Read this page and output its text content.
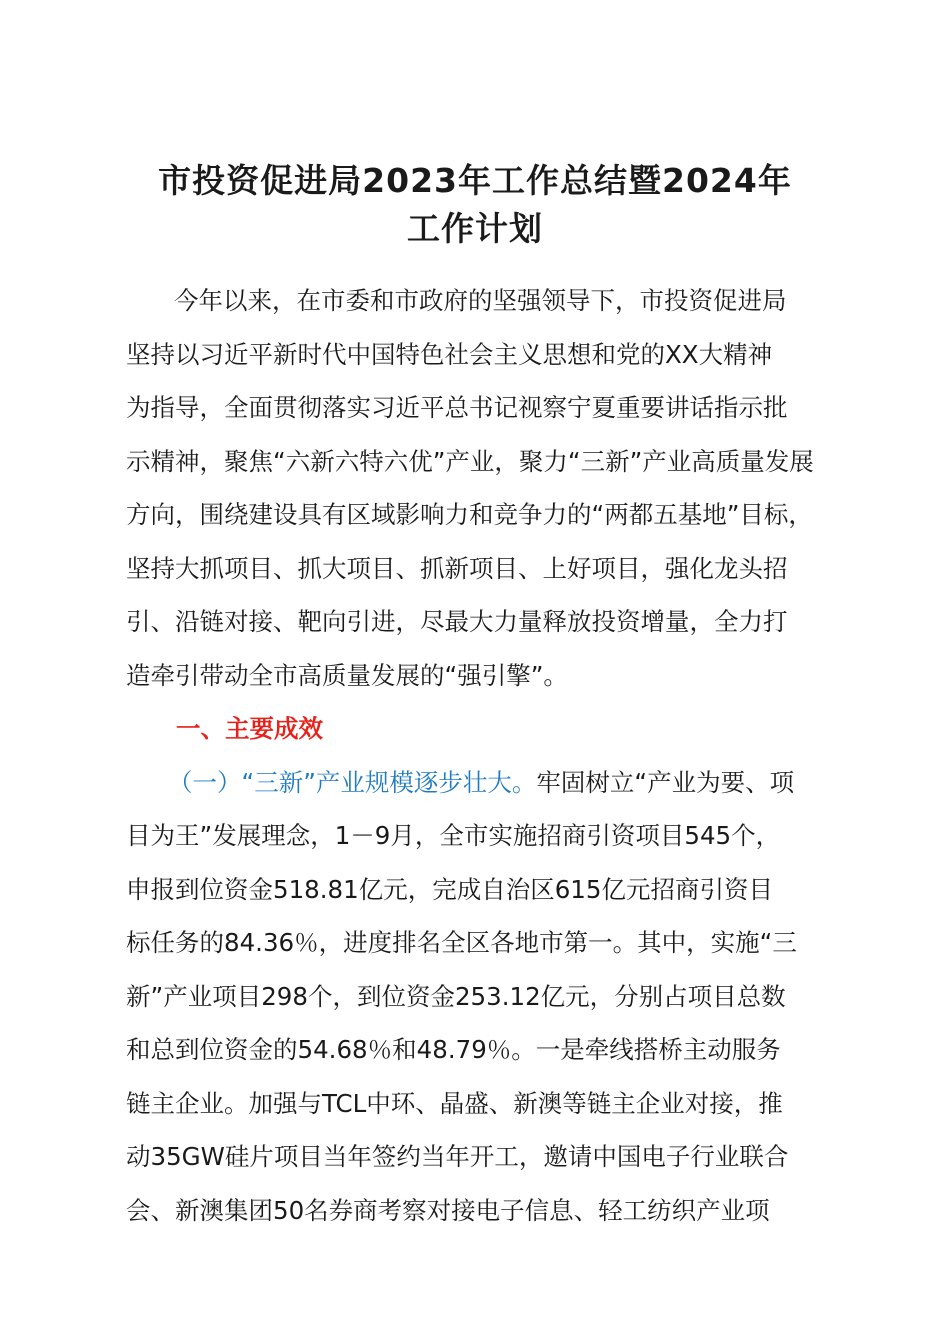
市投资促进局2023年工作总结暨2024年
工作计划

今年以来，在市委和市政府的坚强领导下，市投资促进局

坚持以习近平新时代中国特色社会主义思想和党的XX大精神

为指导，全面贯彻落实习近平总书记视察宁夏重要讲话指示批

示精神，聚焦“六新六特六优”产业，聚力“三新”产业高质量发展

方向，围绕建设具有区域影响力和竞争力的“两都五基地”目标，

坚持大抓项目、抓大项目、抓新项目、上好项目，强化龙头招

引、沿链对接、靶向引进，尽最大力量释放投资增量，全力打

造牵引带动全市高质量发展的“强引擎”。

一、主要成效

（一）“三新”产业规模逐步壮大。牢固树立“产业为要、项

目为王”发展理念，1－9月，全市实施招商引资项目545个，

申报到位资金518.81亿元，完成自治区615亿元招商引资目

标任务的84.36％，进度排名全区各地市第一。其中，实施“三

新”产业项目298个，到位资金253.12亿元，分别占项目总数

和总到位资金的54.68％和48.79％。一是牵线搭桥主动服务

链主企业。加强与TCL中环、晶盛、新澳等链主企业对接，推

动35GW硅片项目当年签约当年开工，邀请中国电子行业联合

会、新澳集团50名券商考察对接电子信息、轻工纺织产业项
